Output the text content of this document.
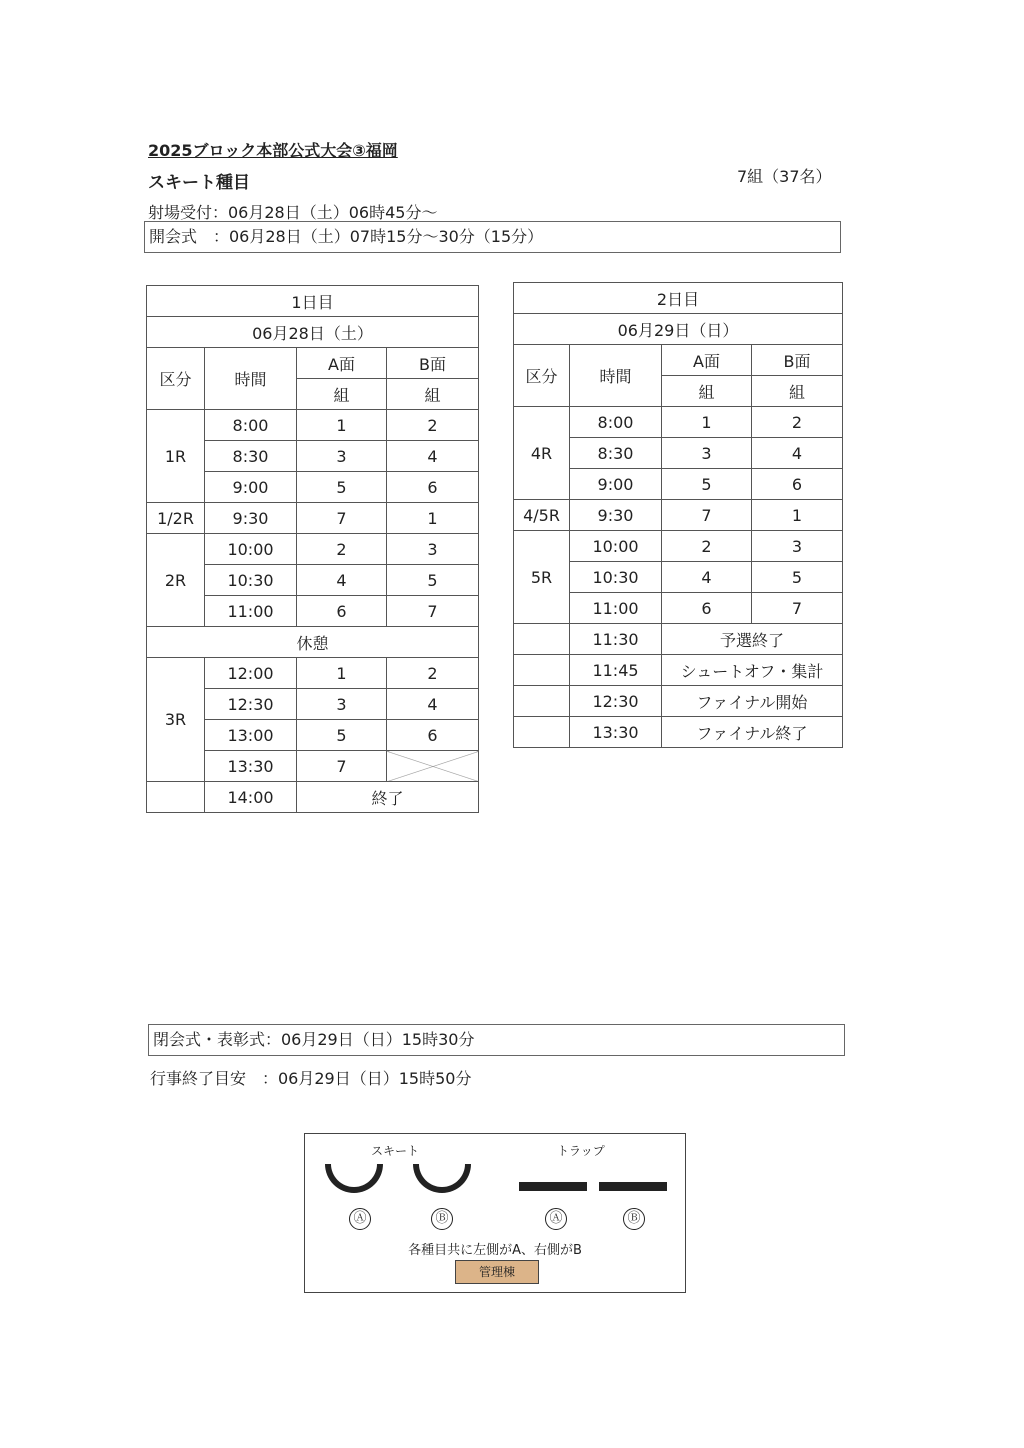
2025ブロック本部公式大会③福岡
スキート種目	7組（37名）
射場受付：06月28日（土）06時45分～
開会式　：06月28日（土）07時15分～30分（15分）
1日目			
06月28日（土）			
区分	時間	A面	B面
		組	組
1R	8:00	1	2
	8:30	3	4
	9:00	5	6
1/2R	9:30	7	1
2R	10:00	2	3
	10:30	4	5
	11:00	6	7
休憩			
3R	12:00	1	2
	12:30	3	4
	13:00	5	6
	13:30	7	
	14:00	終了	
2日目			
06月29日（日）			
区分	時間	A面	B面
		組	組
4R	8:00	1	2
	8:30	3	4
	9:00	5	6
4/5R	9:30	7	1
5R	10:00	2	3
	10:30	4	5
	11:00	6	7
	11:30	予選終了	
	11:45	シュートオフ・集計	
	12:30	ファイナル開始	
	13:30	ファイナル終了	
閉会式・表彰式：06月29日（日）15時30分
行事終了目安　：06月29日（日）15時50分
スキート	トラップ
Ⓐ	Ⓑ	Ⓐ	Ⓑ
各種目共に左側がA、右側がB
管理棟
